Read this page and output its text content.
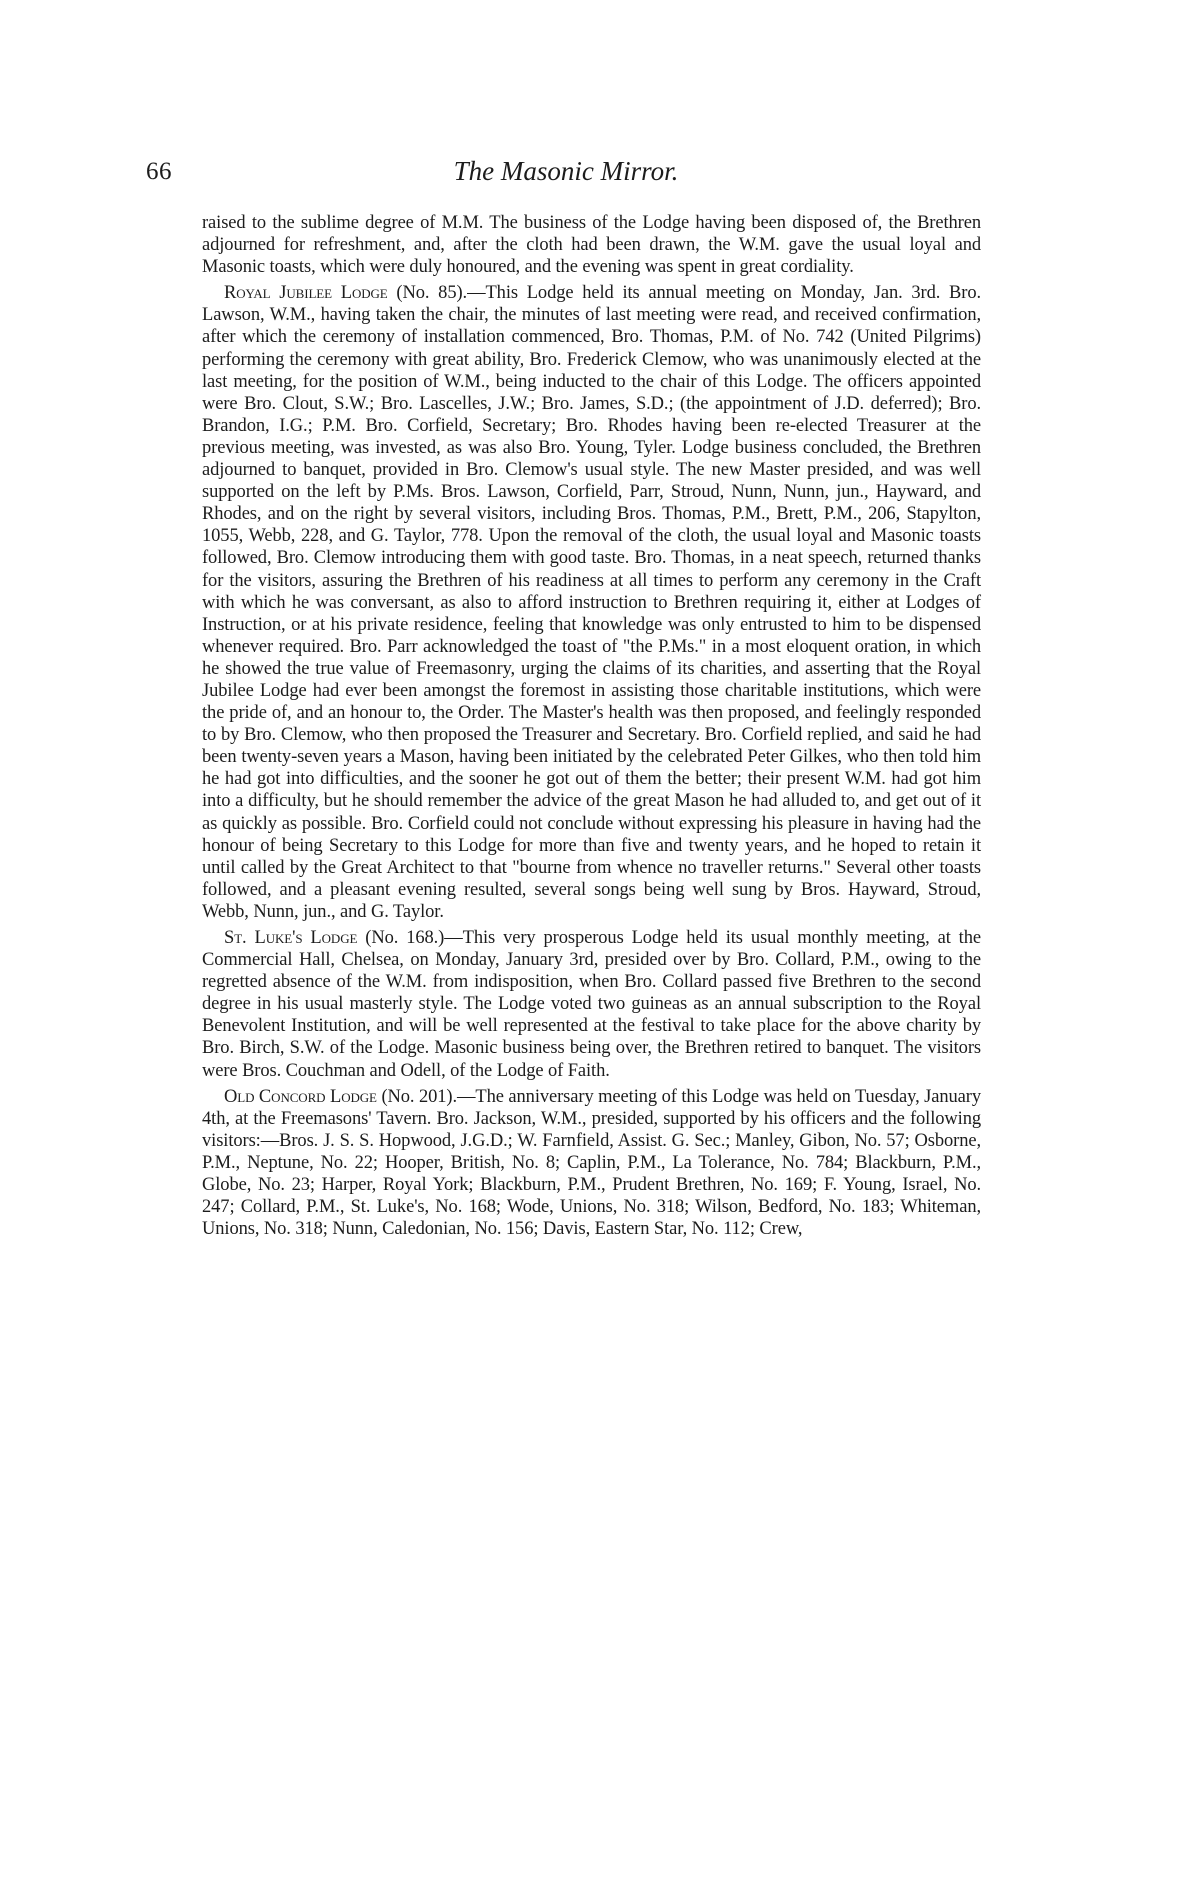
66	The Masonic Mirror.

raised to the sublime degree of M.M. The business of the Lodge having been disposed of, the Brethren adjourned for refreshment, and, after the cloth had been drawn, the W.M. gave the usual loyal and Masonic toasts, which were duly honoured, and the evening was spent in great cordiality.

Royal Jubilee Lodge (No. 85).—This Lodge held its annual meeting on Monday, Jan. 3rd. Bro. Lawson, W.M., having taken the chair, the minutes of last meeting were read, and received confirmation, after which the ceremony of installation commenced, Bro. Thomas, P.M. of No. 742 (United Pilgrims) performing the ceremony with great ability, Bro. Frederick Clemow, who was unanimously elected at the last meeting, for the position of W.M., being inducted to the chair of this Lodge. The officers appointed were Bro. Clout, S.W.; Bro. Lascelles, J.W.; Bro. James, S.D.; (the appointment of J.D. deferred); Bro. Brandon, I.G.; P.M. Bro. Corfield, Secretary; Bro. Rhodes having been re-elected Treasurer at the previous meeting, was invested, as was also Bro. Young, Tyler. Lodge business concluded, the Brethren adjourned to banquet, provided in Bro. Clemow's usual style. The new Master presided, and was well supported on the left by P.Ms. Bros. Lawson, Corfield, Parr, Stroud, Nunn, Nunn, jun., Hayward, and Rhodes, and on the right by several visitors, including Bros. Thomas, P.M., Brett, P.M., 206, Stapylton, 1055, Webb, 228, and G. Taylor, 778. Upon the removal of the cloth, the usual loyal and Masonic toasts followed, Bro. Clemow introducing them with good taste. Bro. Thomas, in a neat speech, returned thanks for the visitors, assuring the Brethren of his readiness at all times to perform any ceremony in the Craft with which he was conversant, as also to afford instruction to Brethren requiring it, either at Lodges of Instruction, or at his private residence, feeling that knowledge was only entrusted to him to be dispensed whenever required. Bro. Parr acknowledged the toast of "the P.Ms." in a most eloquent oration, in which he showed the true value of Freemasonry, urging the claims of its charities, and asserting that the Royal Jubilee Lodge had ever been amongst the foremost in assisting those charitable institutions, which were the pride of, and an honour to, the Order. The Master's health was then proposed, and feelingly responded to by Bro. Clemow, who then proposed the Treasurer and Secretary. Bro. Corfield replied, and said he had been twenty-seven years a Mason, having been initiated by the celebrated Peter Gilkes, who then told him he had got into difficulties, and the sooner he got out of them the better; their present W.M. had got him into a difficulty, but he should remember the advice of the great Mason he had alluded to, and get out of it as quickly as possible. Bro. Corfield could not conclude without expressing his pleasure in having had the honour of being Secretary to this Lodge for more than five and twenty years, and he hoped to retain it until called by the Great Architect to that "bourne from whence no traveller returns." Several other toasts followed, and a pleasant evening resulted, several songs being well sung by Bros. Hayward, Stroud, Webb, Nunn, jun., and G. Taylor.

St. Luke's Lodge (No. 168.)—This very prosperous Lodge held its usual monthly meeting, at the Commercial Hall, Chelsea, on Monday, January 3rd, presided over by Bro. Collard, P.M., owing to the regretted absence of the W.M. from indisposition, when Bro. Collard passed five Brethren to the second degree in his usual masterly style. The Lodge voted two guineas as an annual subscription to the Royal Benevolent Institution, and will be well represented at the festival to take place for the above charity by Bro. Birch, S.W. of the Lodge. Masonic business being over, the Brethren retired to banquet. The visitors were Bros. Couchman and Odell, of the Lodge of Faith.

Old Concord Lodge (No. 201).—The anniversary meeting of this Lodge was held on Tuesday, January 4th, at the Freemasons' Tavern. Bro. Jackson, W.M., presided, supported by his officers and the following visitors:—Bros. J. S. S. Hopwood, J.G.D.; W. Farnfield, Assist. G. Sec.; Manley, Gibon, No. 57; Osborne, P.M., Neptune, No. 22; Hooper, British, No. 8; Caplin, P.M., La Tolerance, No. 784; Blackburn, P.M., Globe, No. 23; Harper, Royal York; Blackburn, P.M., Prudent Brethren, No. 169; F. Young, Israel, No. 247; Collard, P.M., St. Luke's, No. 168; Wode, Unions, No. 318; Wilson, Bedford, No. 183; Whiteman, Unions, No. 318; Nunn, Caledonian, No. 156; Davis, Eastern Star, No. 112; Crew,
